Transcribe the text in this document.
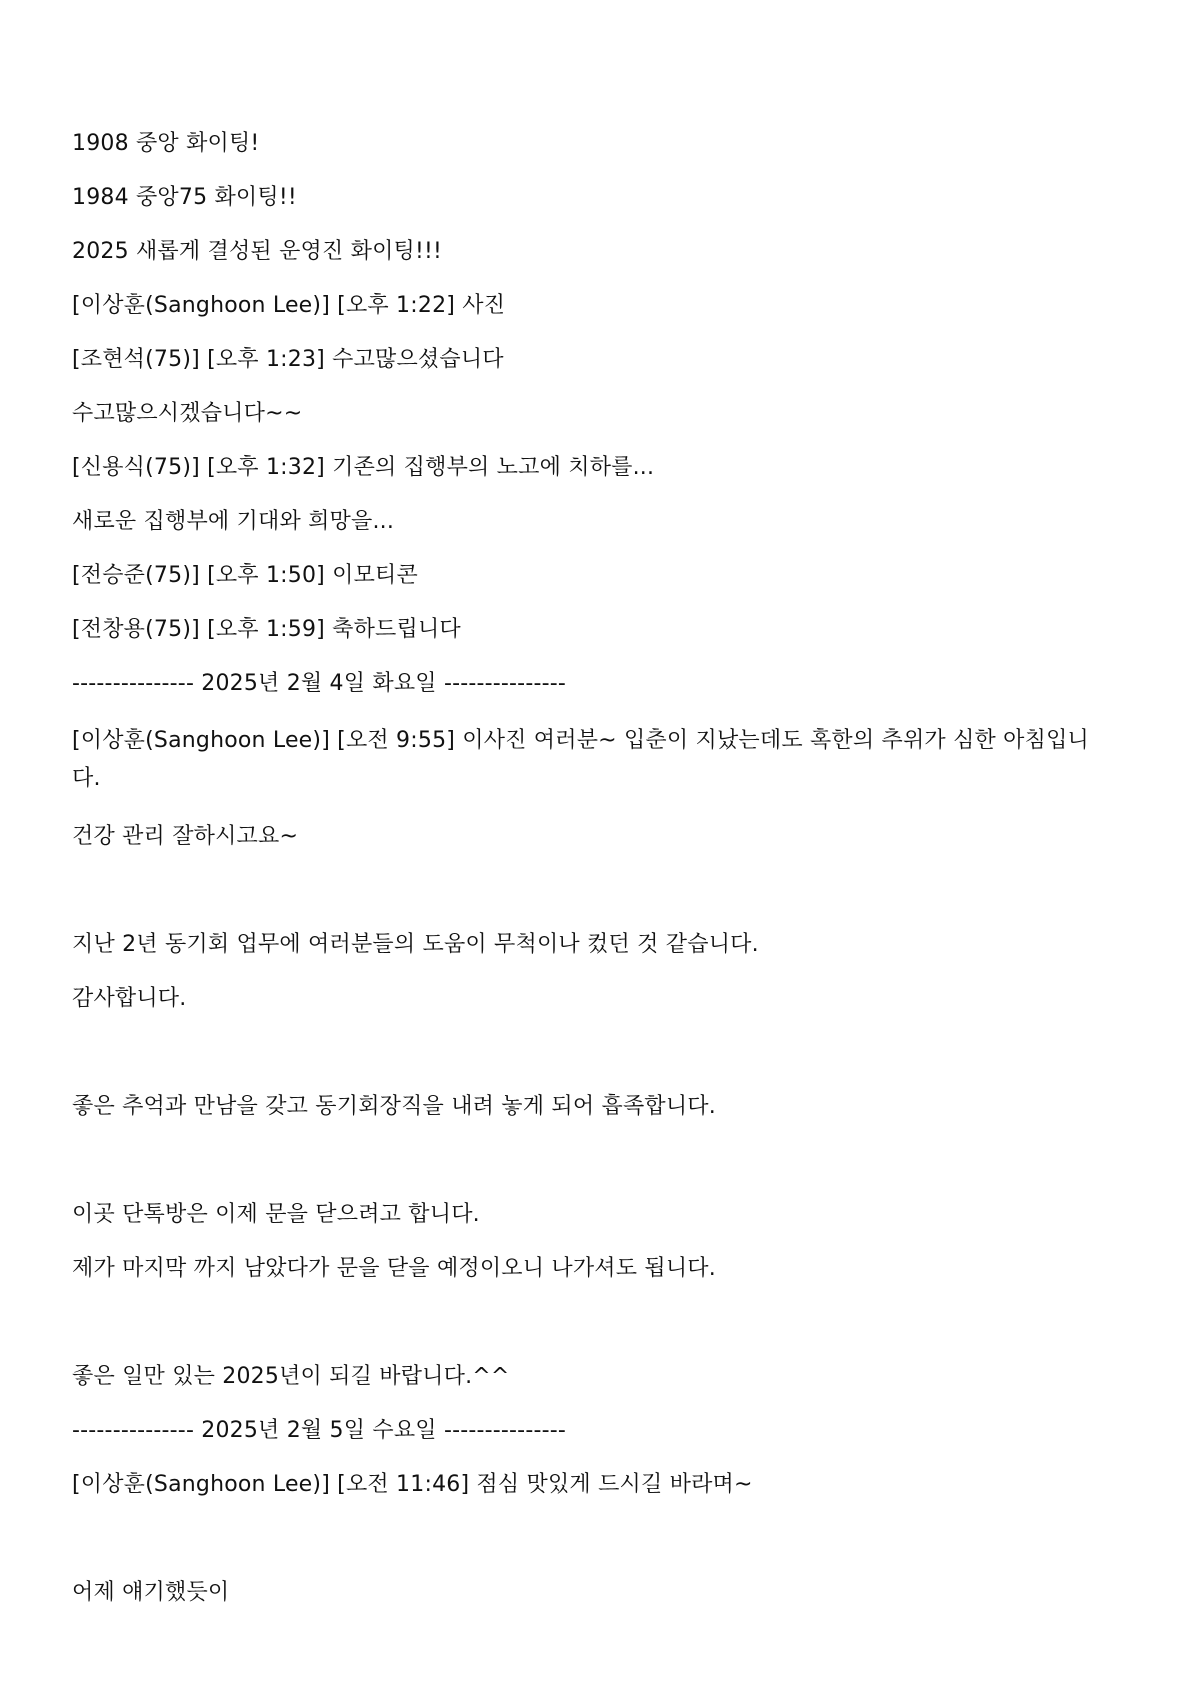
1908 중앙 화이팅!

1984 중앙75 화이팅!!

2025 새롭게 결성된 운영진 화이팅!!!

[이상훈(Sanghoon Lee)] [오후 1:22] 사진

[조현석(75)] [오후 1:23] 수고많으셨습니다

수고많으시겠습니다~~

[신용식(75)] [오후 1:32] 기존의 집행부의 노고에 치하를...

새로운 집행부에 기대와 희망을...

[전승준(75)] [오후 1:50] 이모티콘

[전창용(75)] [오후 1:59] 축하드립니다

--------------- 2025년 2월 4일 화요일 ---------------

[이상훈(Sanghoon Lee)] [오전 9:55] 이사진 여러분~ 입춘이 지났는데도 혹한의 추위가 심한 아침입니다.

건강 관리 잘하시고요~

지난 2년 동기회 업무에 여러분들의 도움이 무척이나 컸던 것 같습니다.

감사합니다.

좋은 추억과 만남을 갖고 동기회장직을 내려 놓게 되어 흡족합니다.

이곳 단톡방은 이제 문을 닫으려고 합니다.

제가 마지막 까지 남았다가 문을 닫을 예정이오니 나가셔도 됩니다.

좋은 일만 있는 2025년이 되길 바랍니다.^^

--------------- 2025년 2월 5일 수요일 ---------------

[이상훈(Sanghoon Lee)] [오전 11:46] 점심 맛있게 드시길 바라며~

어제 얘기했듯이
